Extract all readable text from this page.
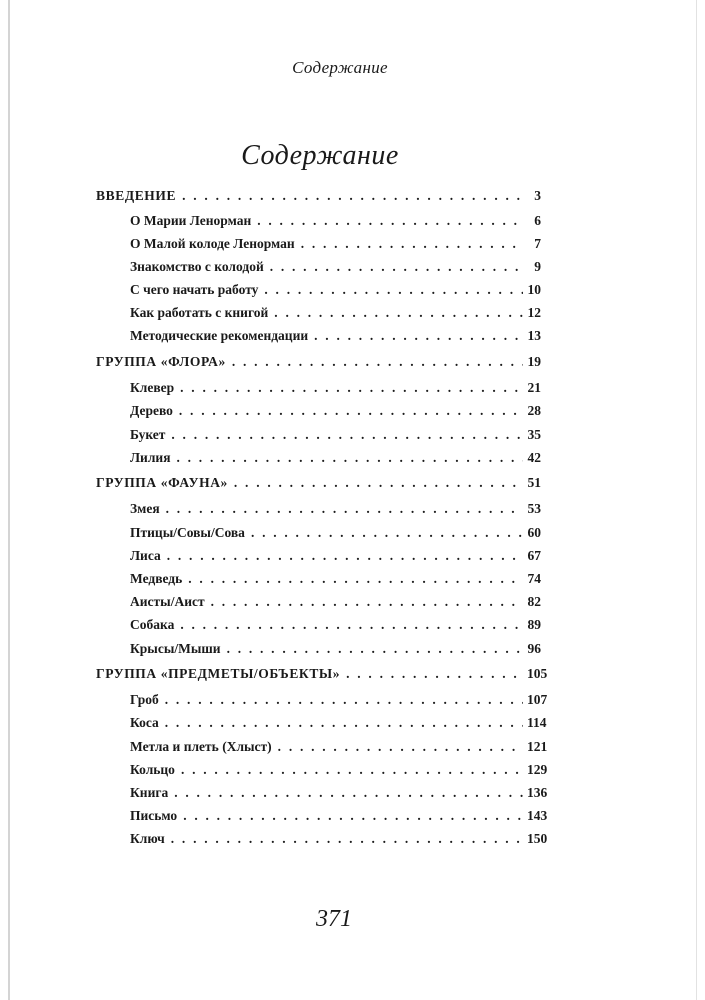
Содержание
Содержание
ВВЕДЕНИЕ . . .	3
О Марии Ленорман . . .	6
О Малой колоде Ленорман . . .	7
Знакомство с колодой . . .	9
С чего начать работу . . .	10
Как работать с книгой . . .	12
Методические рекомендации . . .	13
ГРУППА «ФЛОРА» . . .	19
Клевер . . .	21
Дерево . . .	28
Букет . . .	35
Лилия . . .	42
ГРУППА «ФАУНА» . . .	51
Змея . . .	53
Птицы/Совы/Сова . . .	60
Лиса . . .	67
Медведь . . .	74
Аисты/Аист . . .	82
Собака . . .	89
Крысы/Мыши . . .	96
ГРУППА «ПРЕДМЕТЫ/ОБЪЕКТЫ» . . .	105
Гроб . . .	107
Коса . . .	114
Метла и плеть (Хлыст) . . .	121
Кольцо . . .	129
Книга . . .	136
Письмо . . .	143
Ключ . . .	150
371
